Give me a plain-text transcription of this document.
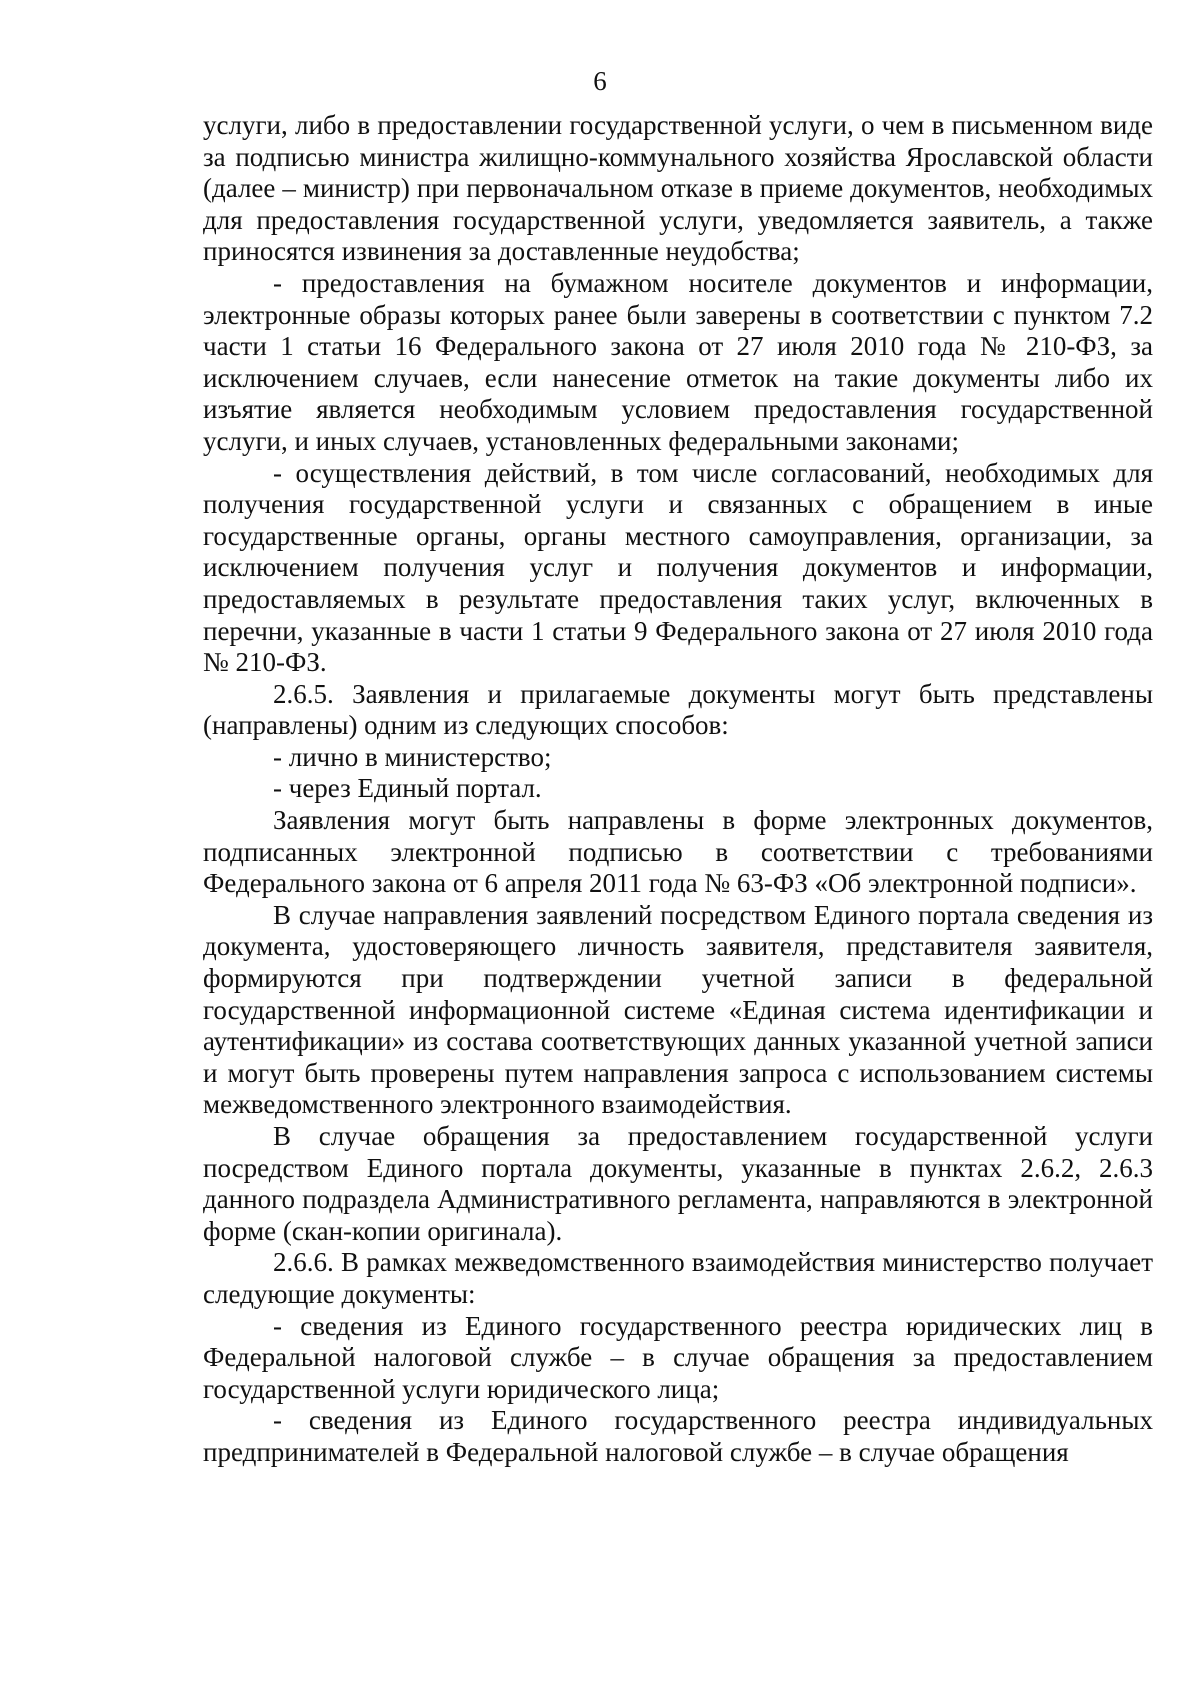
6

услуги, либо в предоставлении государственной услуги, о чем в письменном виде за подписью министра жилищно-коммунального хозяйства Ярославской области (далее – министр) при первоначальном отказе в приеме документов, необходимых для предоставления государственной услуги, уведомляется заявитель, а также приносятся извинения за доставленные неудобства;

- предоставления на бумажном носителе документов и информации, электронные образы которых ранее были заверены в соответствии с пунктом 7.2 части 1 статьи 16 Федерального закона от 27 июля 2010 года № 210-ФЗ, за исключением случаев, если нанесение отметок на такие документы либо их изъятие является необходимым условием предоставления государственной услуги, и иных случаев, установленных федеральными законами;

- осуществления действий, в том числе согласований, необходимых для получения государственной услуги и связанных с обращением в иные государственные органы, органы местного самоуправления, организации, за исключением получения услуг и получения документов и информации, предоставляемых в результате предоставления таких услуг, включенных в перечни, указанные в части 1 статьи 9 Федерального закона от 27 июля 2010 года № 210-ФЗ.

2.6.5. Заявления и прилагаемые документы могут быть представлены (направлены) одним из следующих способов:

- лично в министерство;

- через Единый портал.

Заявления могут быть направлены в форме электронных документов, подписанных электронной подписью в соответствии с требованиями Федерального закона от 6 апреля 2011 года № 63-ФЗ «Об электронной подписи».

В случае направления заявлений посредством Единого портала сведения из документа, удостоверяющего личность заявителя, представителя заявителя, формируются при подтверждении учетной записи в федеральной государственной информационной системе «Единая система идентификации и аутентификации» из состава соответствующих данных указанной учетной записи и могут быть проверены путем направления запроса с использованием системы межведомственного электронного взаимодействия.

В случае обращения за предоставлением государственной услуги посредством Единого портала документы, указанные в пунктах 2.6.2, 2.6.3 данного подраздела Административного регламента, направляются в электронной форме (скан-копии оригинала).

2.6.6. В рамках межведомственного взаимодействия министерство получает следующие документы:

- сведения из Единого государственного реестра юридических лиц в Федеральной налоговой службе – в случае обращения за предоставлением государственной услуги юридического лица;

- сведения из Единого государственного реестра индивидуальных предпринимателей в Федеральной налоговой службе – в случае обращения
